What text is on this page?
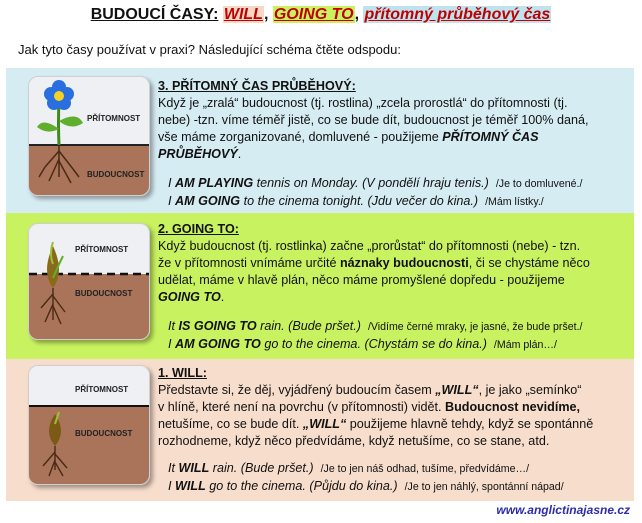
BUDOUCÍ ČASY: WILL, GOING TO, přítomný průběhový čas
Jak tyto časy používat v praxi? Následující schéma čtěte odspodu:
PŘÍTOMNOST
BUDOUCNOST
3. PŘÍTOMNÝ ČAS PRŮBĚHOVÝ:
Když je „zralá“ budoucnost (tj. rostlina) „zcela prorostlá“ do přítomnosti (tj.
nebe) -tzn. víme téměř jistě, co se bude dít, budoucnost je téměř 100% daná,
vše máme zorganizované, domluvené - použijeme PŘÍTOMNÝ ČAS
PRŮBĚHOVÝ.
I AM PLAYING tennis on Monday. (V pondělí hraju tenis.) /Je to domluvené./
I AM GOING to the cinema tonight. (Jdu večer do kina.) /Mám lístky./
PŘÍTOMNOST
BUDOUCNOST
2. GOING TO:
Když budoucnost (tj. rostlinka) začne „prorůstat“ do přítomnosti (nebe) - tzn.
že v přítomnosti vnímáme určité náznaky budoucnosti, či se chystáme něco
udělat, máme v hlavě plán, něco máme promyšlené dopředu - použijeme
GOING TO.
It IS GOING TO rain. (Bude pršet.) /Vidíme černé mraky, je jasné, že bude pršet./
I AM GOING TO go to the cinema. (Chystám se do kina.) /Mám plán…/
PŘÍTOMNOST
BUDOUCNOST
1. WILL:
Představte si, že děj, vyjádřený budoucím časem „WILL“, je jako „semínko“
v hlíně, které není na povrchu (v přítomnosti) vidět. Budoucnost nevidíme,
netušíme, co se bude dít. „WILL“ použijeme hlavně tehdy, když se spontánně
rozhodneme, když něco předvídáme, když netušíme, co se stane, atd.
It WILL rain. (Bude pršet.) /Je to jen náš odhad, tušíme, předvídáme…/
I WILL go to the cinema. (Půjdu do kina.) /Je to jen náhlý, spontánní nápad/
www.anglictinajasne.cz
